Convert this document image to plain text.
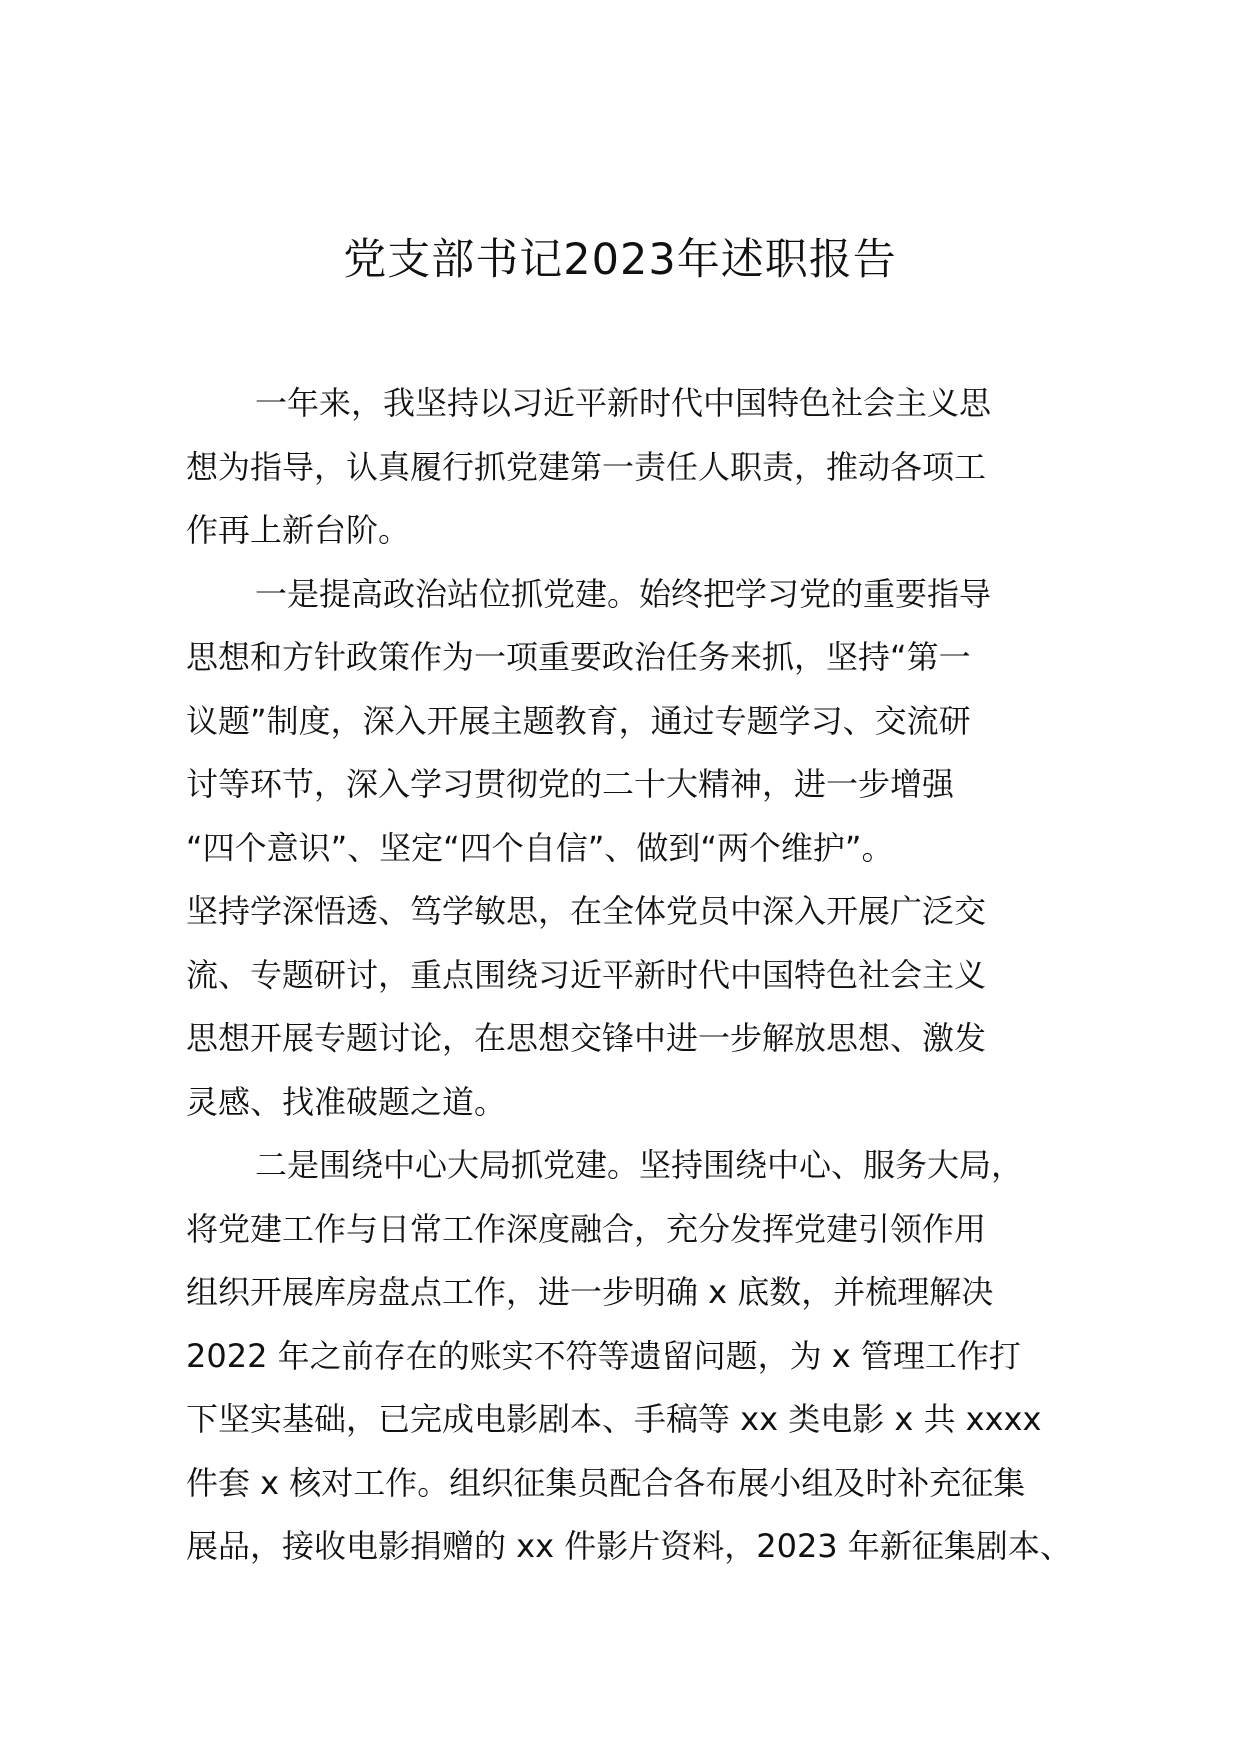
党支部书记2023年述职报告
一年来，我坚持以习近平新时代中国特色社会主义思
想为指导，认真履行抓党建第一责任人职责，推动各项工
作再上新台阶。
一是提高政治站位抓党建。始终把学习党的重要指导
思想和方针政策作为一项重要政治任务来抓，坚持“第一
议题”制度，深入开展主题教育，通过专题学习、交流研
讨等环节，深入学习贯彻党的二十大精神，进一步增强
“四个意识”、坚定“四个自信”、做到“两个维护”。
坚持学深悟透、笃学敏思，在全体党员中深入开展广泛交
流、专题研讨，重点围绕习近平新时代中国特色社会主义
思想开展专题讨论，在思想交锋中进一步解放思想、激发
灵感、找准破题之道。
二是围绕中心大局抓党建。坚持围绕中心、服务大局，
将党建工作与日常工作深度融合，充分发挥党建引领作用
组织开展库房盘点工作，进一步明确 x 底数，并梳理解决
2022 年之前存在的账实不符等遗留问题，为 x 管理工作打
下坚实基础，已完成电影剧本、手稿等 xx 类电影 x 共 xxxx
件套 x 核对工作。组织征集员配合各布展小组及时补充征集
展品，接收电影捐赠的 xx 件影片资料，2023 年新征集剧本、
